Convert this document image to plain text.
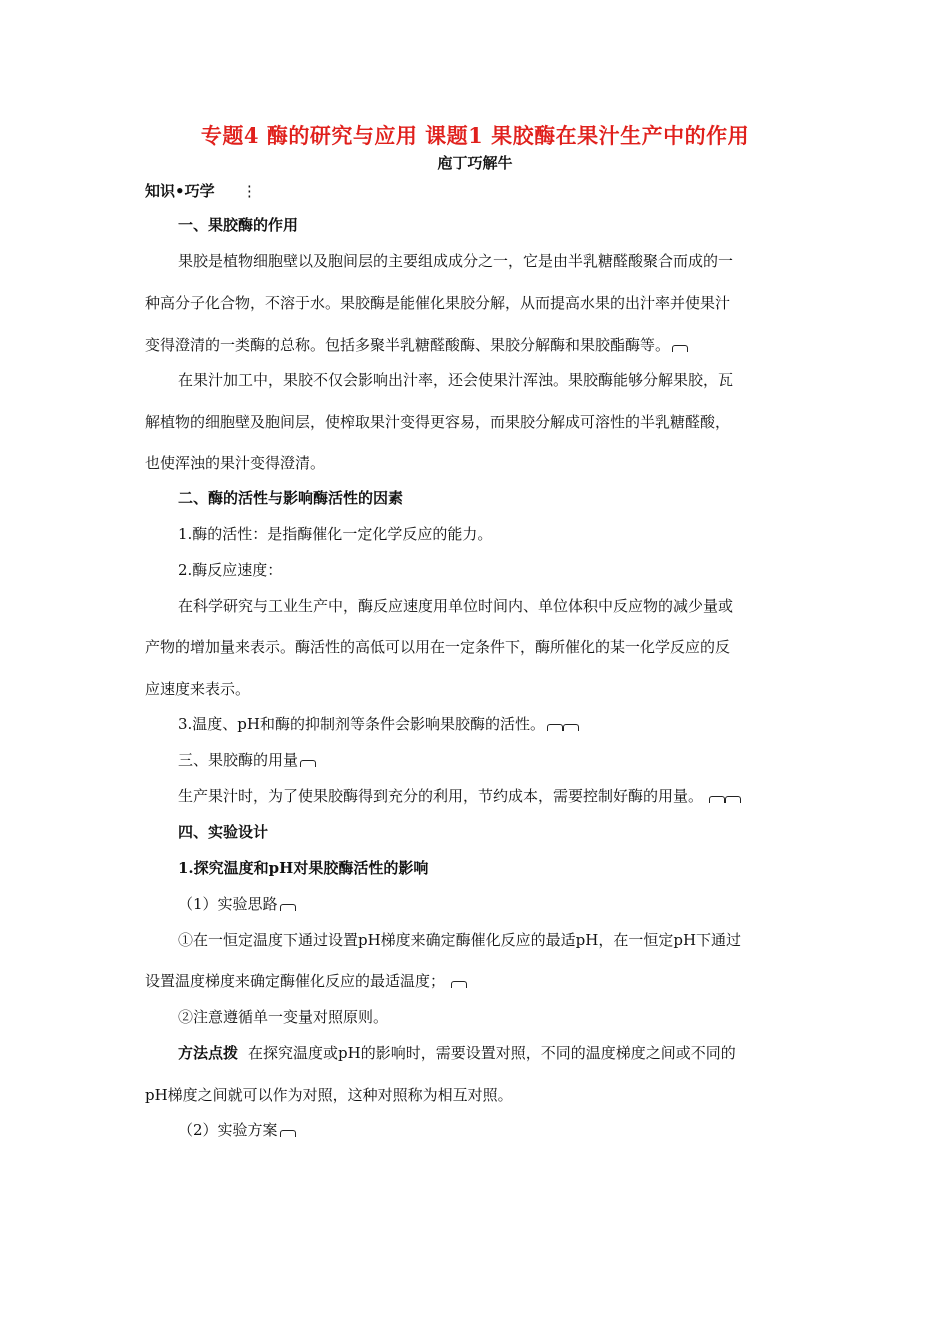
专题4 酶的研究与应用 课题1 果胶酶在果汁生产中的作用
庖丁巧解牛
知识•巧学 ⋮
一、果胶酶的作用
果胶是植物细胞壁以及胞间层的主要组成成分之一，它是由半乳糖醛酸聚合而成的一
种高分子化合物，不溶于水。果胶酶是能催化果胶分解，从而提高水果的出汁率并使果汁
变得澄清的一类酶的总称。包括多聚半乳糖醛酸酶、果胶分解酶和果胶酯酶等。
在果汁加工中，果胶不仅会影响出汁率，还会使果汁浑浊。果胶酶能够分解果胶，瓦
解植物的细胞壁及胞间层，使榨取果汁变得更容易，而果胶分解成可溶性的半乳糖醛酸，
也使浑浊的果汁变得澄清。
二、酶的活性与影响酶活性的因素
1.酶的活性：是指酶催化一定化学反应的能力。
2.酶反应速度：
在科学研究与工业生产中，酶反应速度用单位时间内、单位体积中反应物的减少量或
产物的增加量来表示。酶活性的高低可以用在一定条件下，酶所催化的某一化学反应的反
应速度来表示。
3.温度、pH和酶的抑制剂等条件会影响果胶酶的活性。
三、果胶酶的用量
生产果汁时，为了使果胶酶得到充分的利用，节约成本，需要控制好酶的用量。
四、实验设计
1.探究温度和pH对果胶酶活性的影响
（1）实验思路
①在一恒定温度下通过设置pH梯度来确定酶催化反应的最适pH，在一恒定pH下通过
设置温度梯度来确定酶催化反应的最适温度；
②注意遵循单一变量对照原则。
方法点拨 在探究温度或pH的影响时，需要设置对照，不同的温度梯度之间或不同的
pH梯度之间就可以作为对照，这种对照称为相互对照。
（2）实验方案
